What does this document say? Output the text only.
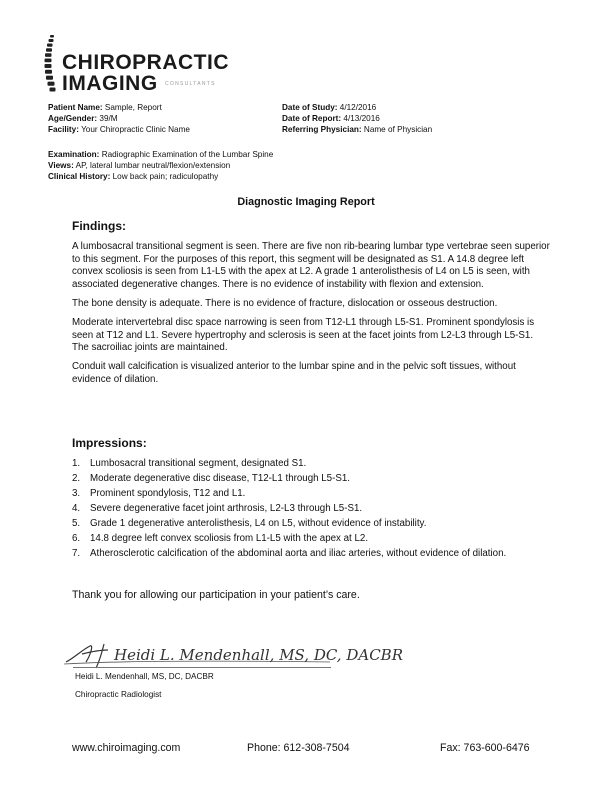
CHIROPRACTIC
IMAGING CONSULTANTS
Patient Name: Sample, Report
Age/Gender: 39/M
Facility: Your Chiropractic Clinic Name
Date of Study: 4/12/2016
Date of Report: 4/13/2016
Referring Physician: Name of Physician
Examination: Radiographic Examination of the Lumbar Spine
Views: AP, lateral lumbar neutral/flexion/extension
Clinical History: Low back pain; radiculopathy
Diagnostic Imaging Report
Findings:

A lumbosacral transitional segment is seen. There are five non rib-bearing lumbar type vertebrae seen superior to this segment. For the purposes of this report, this segment will be designated as S1. A 14.8 degree left convex scoliosis is seen from L1-L5 with the apex at L2. A grade 1 anterolisthesis of L4 on L5 is seen, with associated degenerative changes. There is no evidence of instability with flexion and extension.

The bone density is adequate. There is no evidence of fracture, dislocation or osseous destruction.

Moderate intervertebral disc space narrowing is seen from T12-L1 through L5-S1. Prominent spondylosis is seen at T12 and L1. Severe hypertrophy and sclerosis is seen at the facet joints from L2-L3 through L5-S1. The sacroiliac joints are maintained.

Conduit wall calcification is visualized anterior to the lumbar spine and in the pelvic soft tissues, without evidence of dilation.

Impressions:
1.	Lumbosacral transitional segment, designated S1.
2.	Moderate degenerative disc disease, T12-L1 through L5-S1.
3.	Prominent spondylosis, T12 and L1.
4.	Severe degenerative facet joint arthrosis, L2-L3 through L5-S1.
5.	Grade 1 degenerative anterolisthesis, L4 on L5, without evidence of instability.
6.	14.8 degree left convex scoliosis from L1-L5 with the apex at L2.
7.	Atherosclerotic calcification of the abdominal aorta and iliac arteries, without evidence of dilation.
Thank you for allowing our participation in your patient’s care.
Heidi L. Mendenhall, MS, DC, DACBR
Heidi L. Mendenhall, MS, DC, DACBR
Chiropractic Radiologist
www.chiroimaging.com	Phone: 612-308-7504	Fax: 763-600-6476
